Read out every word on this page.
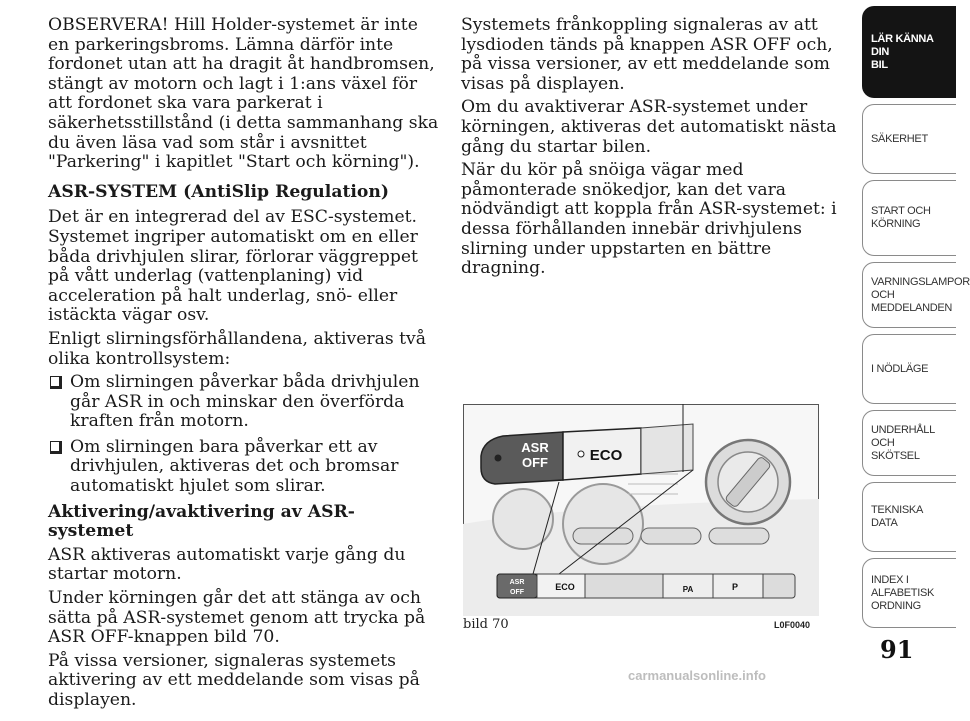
OBSERVERA! Hill Holder-systemet är inte en parkeringsbroms. Lämna därför inte fordonet utan att ha dragit åt handbromsen, stängt av motorn och lagt i 1:ans växel för att fordonet ska vara parkerat i säkerhetsstillstånd (i detta sammanhang ska du även läsa vad som står i avsnittet "Parkering" i kapitlet "Start och körning").

ASR-SYSTEM (AntiSlip Regulation)

Det är en integrerad del av ESC-systemet. Systemet ingriper automatiskt om en eller båda drivhjulen slirar, förlorar väggreppet på vått underlag (vattenplaning) vid acceleration på halt underlag, snö- eller istäckta vägar osv.

Enligt slirningsförhållandena, aktiveras två olika kontrollsystem:

Om slirningen påverkar båda drivhjulen går ASR in och minskar den överförda kraften från motorn.
Om slirningen bara påverkar ett av drivhjulen, aktiveras det och bromsar automatiskt hjulet som slirar.
Aktivering/avaktivering av ASR-systemet

ASR aktiveras automatiskt varje gång du startar motorn.

Under körningen går det att stänga av och sätta på ASR-systemet genom att trycka på ASR OFF-knappen bild 70.

På vissa versioner, signaleras systemets aktivering av ett meddelande som visas på displayen.

Systemets frånkoppling signaleras av att lysdioden tänds på knappen ASR OFF och, på vissa versioner, av ett meddelande som visas på displayen.

Om du avaktiverar ASR-systemet under körningen, aktiveras det automatiskt nästa gång du startar bilen.

När du kör på snöiga vägar med påmonterade snökedjor, kan det vara nödvändigt att koppla från ASR-systemet: i dessa förhållanden innebär drivhjulens slirning under uppstarten en bättre dragning.

ASR
OFF	ECO
ASR
OFF
ECO	PA	P
bild 70	L0F0040
LÄR KÄNNA DIN
BIL
SÄKERHET
START OCH
KÖRNING
VARNINGSLAMPOR
OCH
MEDDELANDEN
I NÖDLÄGE
UNDERHÅLL OCH
SKÖTSEL
TEKNISKA DATA
INDEX I
ALFABETISK
ORDNING
91
carmanualsonline.info
